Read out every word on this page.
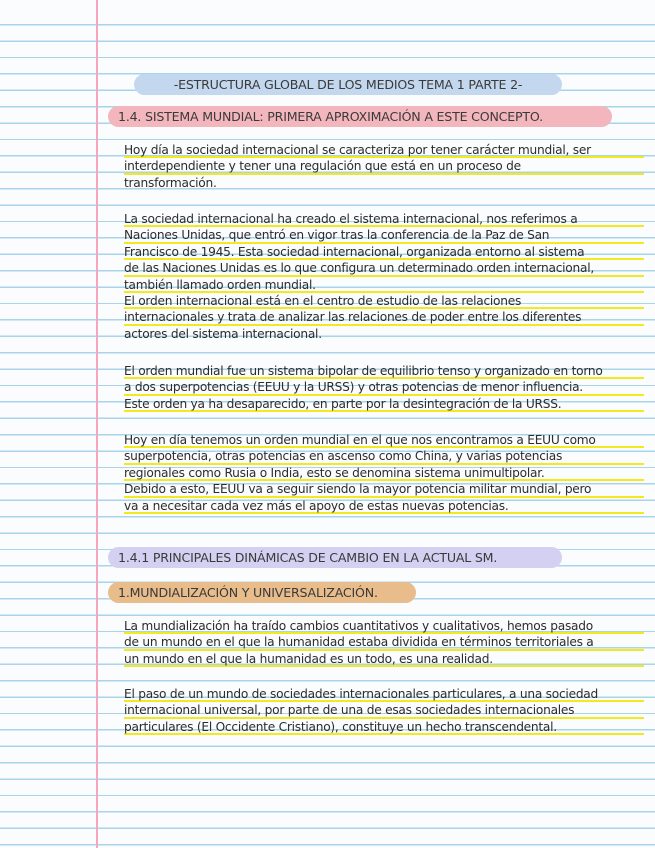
-ESTRUCTURA GLOBAL DE LOS MEDIOS TEMA 1 PARTE 2-
1.4. SISTEMA MUNDIAL: PRIMERA APROXIMACIÓN A ESTE CONCEPTO.
Hoy día la sociedad internacional se caracteriza por tener carácter mundial, ser
interdependiente y tener una regulación que está en un proceso de
transformación.
La sociedad internacional ha creado el sistema internacional, nos referimos a
Naciones Unidas, que entró en vigor tras la conferencia de la Paz de San
Francisco de 1945. Esta sociedad internacional, organizada entorno al sistema
de las Naciones Unidas es lo que configura un determinado orden internacional,
también llamado orden mundial.
El orden internacional está en el centro de estudio de las relaciones
internacionales y trata de analizar las relaciones de poder entre los diferentes
actores del sistema internacional.
El orden mundial fue un sistema bipolar de equilibrio tenso y organizado en torno
a dos superpotencias (EEUU y la URSS) y otras potencias de menor influencia.
Este orden ya ha desaparecido, en parte por la desintegración de la URSS.
Hoy en día tenemos un orden mundial en el que nos encontramos a EEUU como
superpotencia, otras potencias en ascenso como China, y varias potencias
regionales como Rusia o India, esto se denomina sistema unimultipolar.
Debido a esto, EEUU va a seguir siendo la mayor potencia militar mundial, pero
va a necesitar cada vez más el apoyo de estas nuevas potencias.
1.4.1 PRINCIPALES DINÁMICAS DE CAMBIO EN LA ACTUAL SM.
1.MUNDIALIZACIÓN Y UNIVERSALIZACIÓN.
La mundialización ha traído cambios cuantitativos y cualitativos, hemos pasado
de un mundo en el que la humanidad estaba dividida en términos territoriales a
un mundo en el que la humanidad es un todo, es una realidad.
El paso de un mundo de sociedades internacionales particulares, a una sociedad
internacional universal, por parte de una de esas sociedades internacionales
particulares (El Occidente Cristiano), constituye un hecho transcendental.
